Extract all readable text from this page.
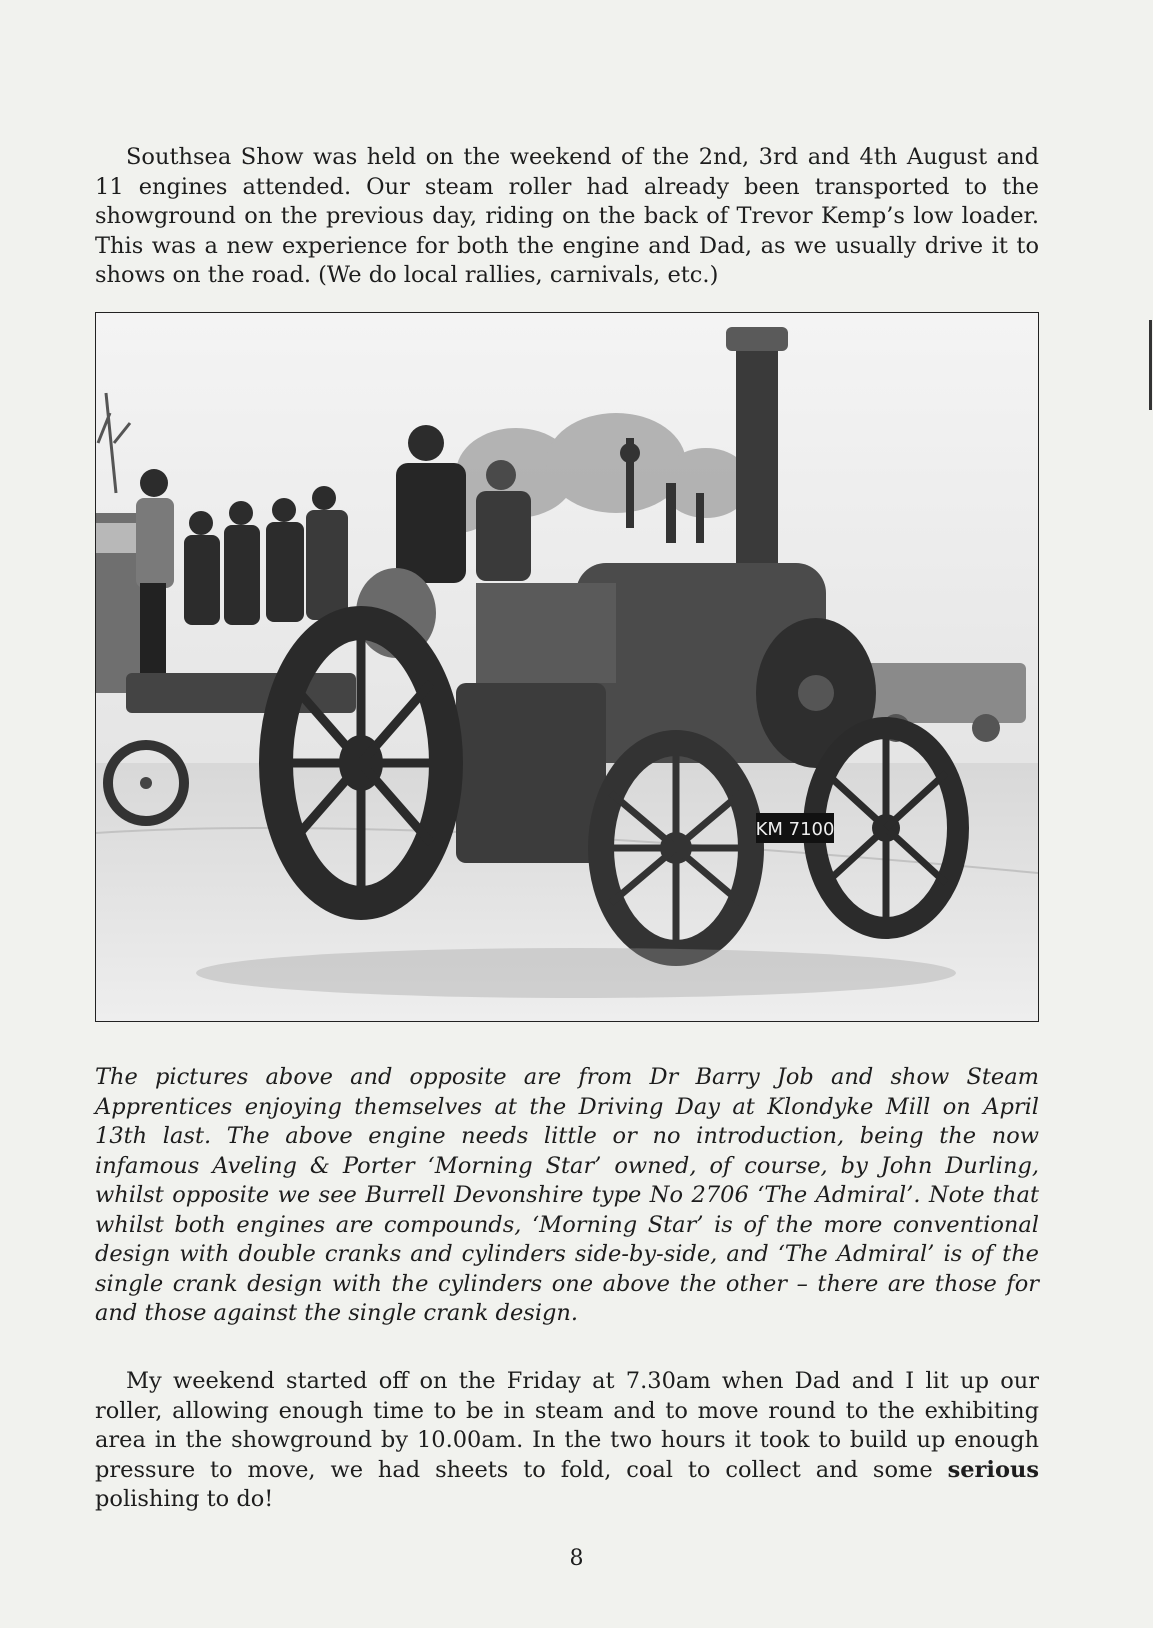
Southsea Show was held on the weekend of the 2nd, 3rd and 4th August and 11 engines attended. Our steam roller had already been transported to the showground on the previous day, riding on the back of Trevor Kemp’s low loader. This was a new experience for both the engine and Dad, as we usually drive it to shows on the road. (We do local rallies, carnivals, etc.)

KM 7100

The pictures above and opposite are from Dr Barry Job and show Steam Apprentices enjoying themselves at the Driving Day at Klondyke Mill on April 13th last. The above engine needs little or no introduction, being the now infamous Aveling & Porter ‘Morning Star’ owned, of course, by John Durling, whilst opposite we see Burrell Devonshire type No 2706 ‘The Admiral’. Note that whilst both engines are compounds, ‘Morning Star’ is of the more conventional design with double cranks and cylinders side-by-side, and ‘The Admiral’ is of the single crank design with the cylinders one above the other – there are those for and those against the single crank design.

My weekend started off on the Friday at 7.30am when Dad and I lit up our roller, allowing enough time to be in steam and to move round to the exhibiting area in the showground by 10.00am. In the two hours it took to build up enough pressure to move, we had sheets to fold, coal to collect and some serious polishing to do!

8
